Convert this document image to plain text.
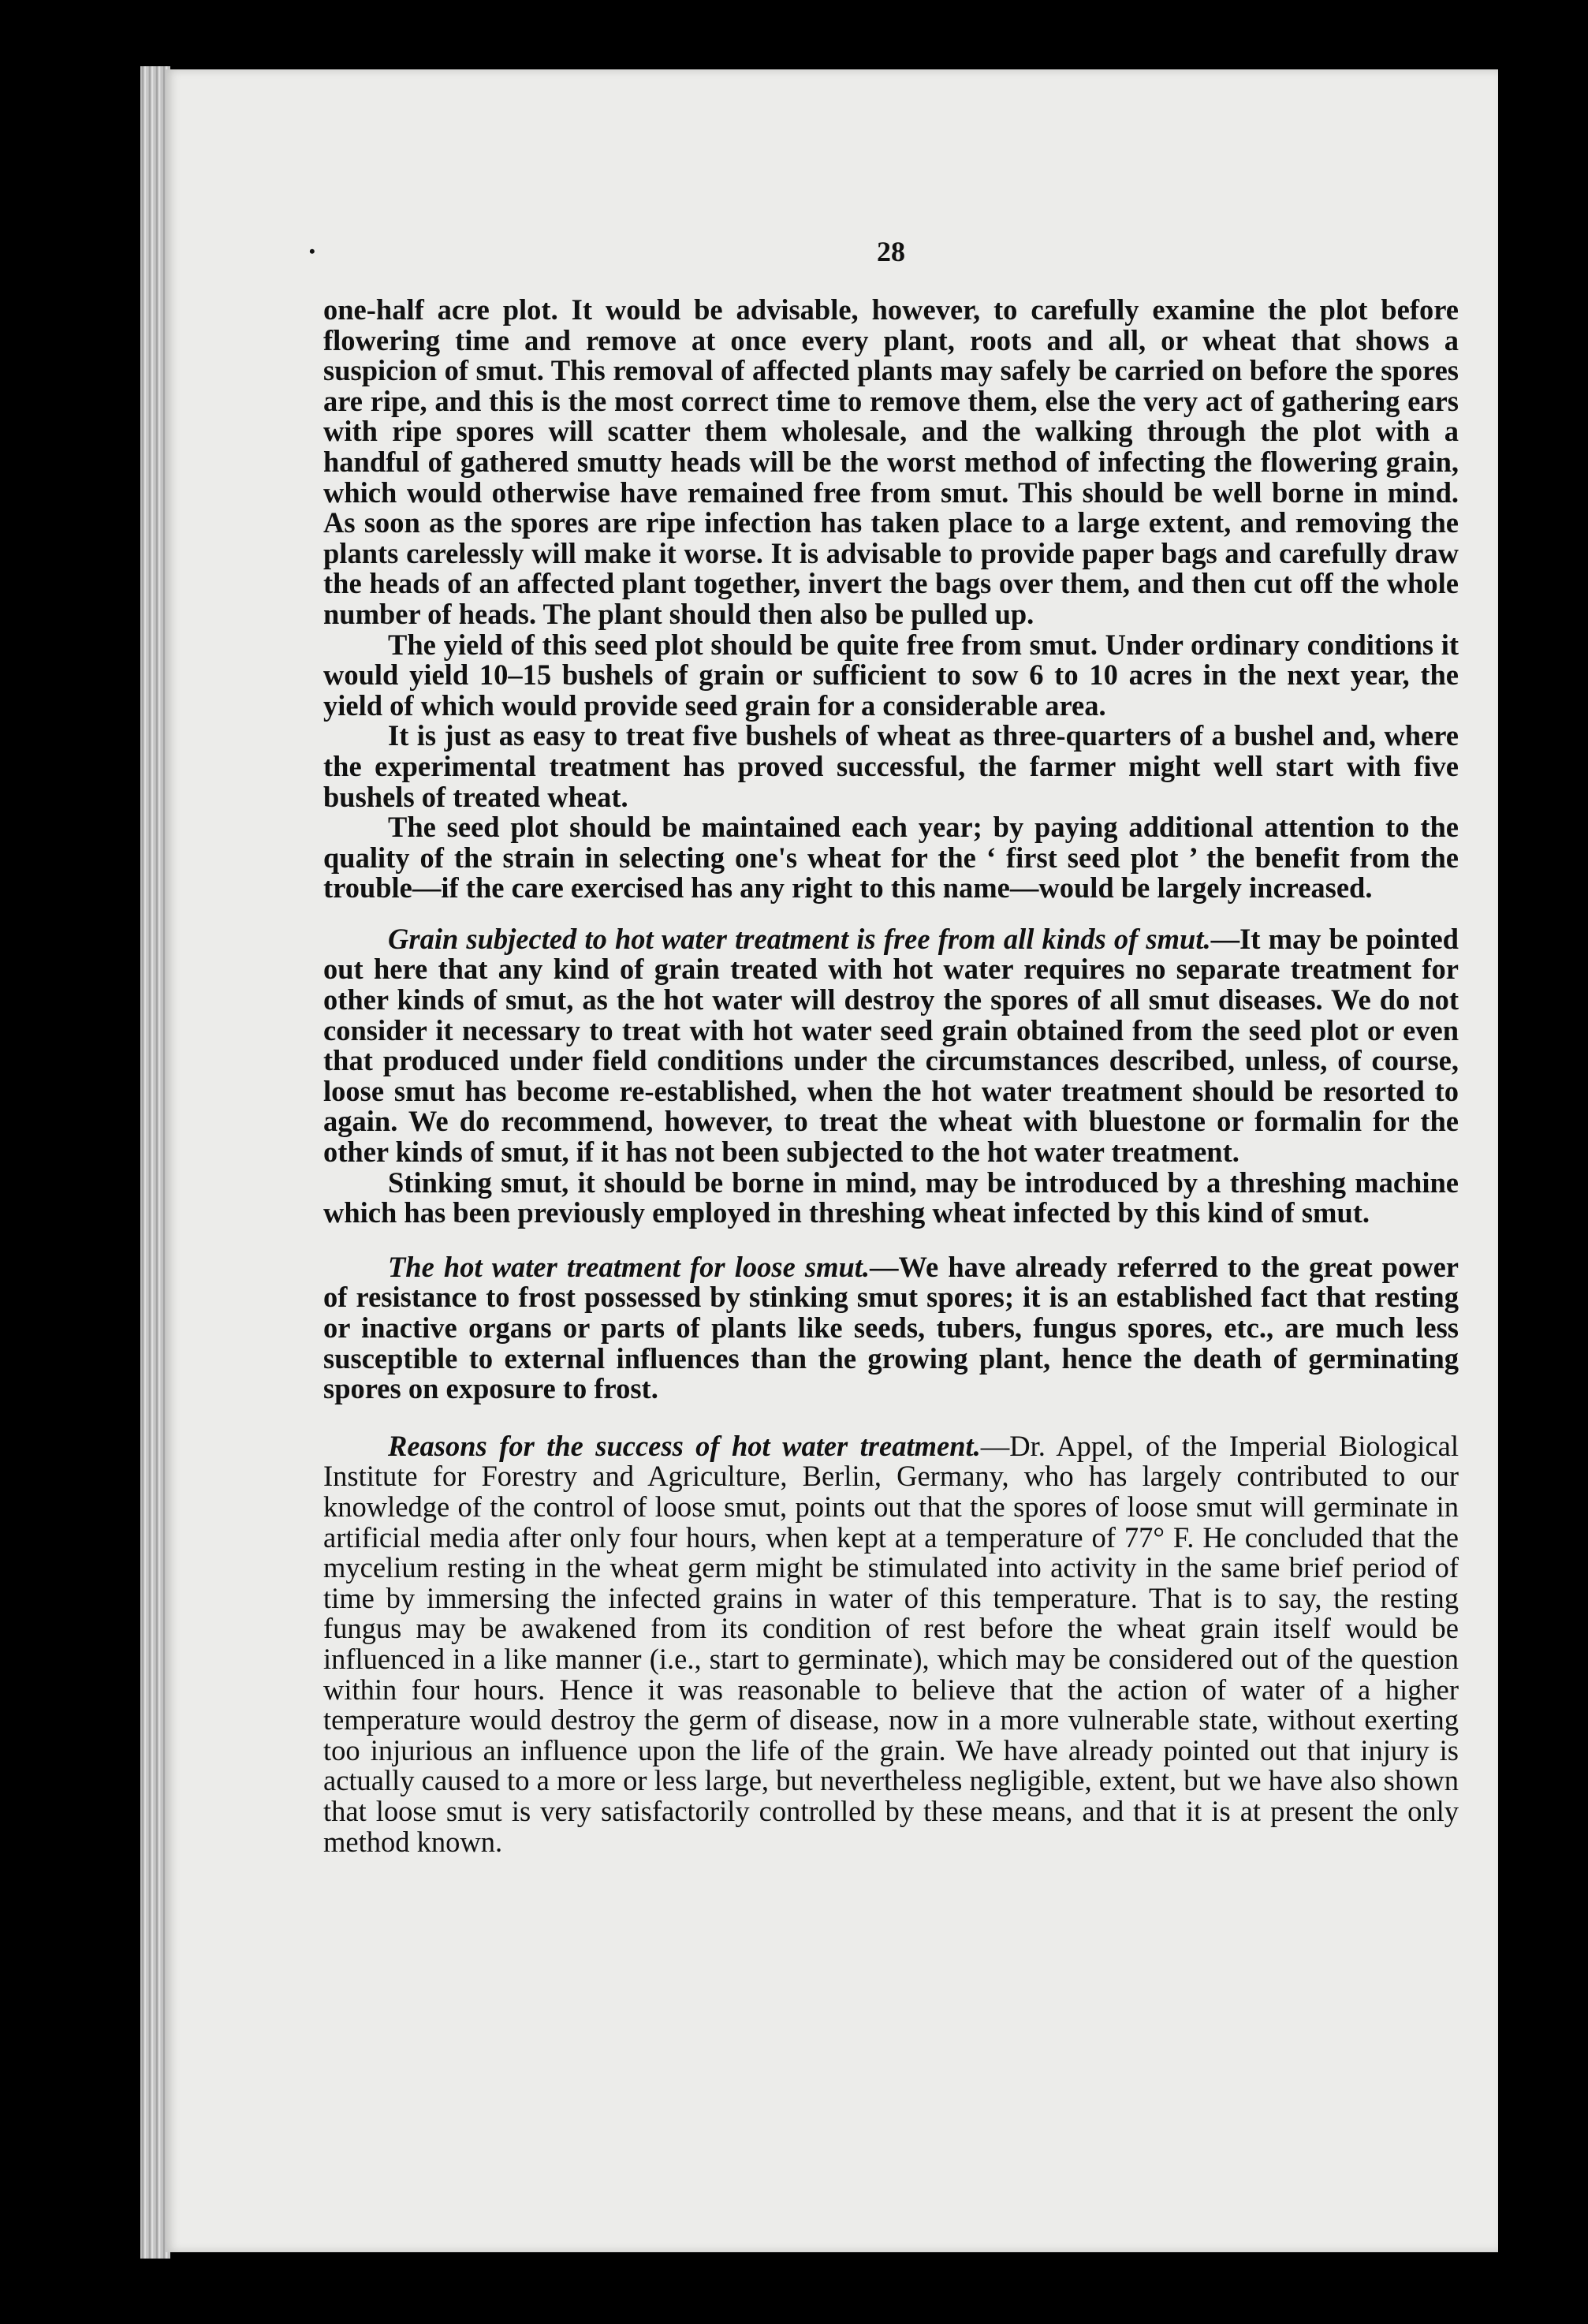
•	28

one-half acre plot. It would be advisable, however, to carefully examine the plot before flowering time and remove at once every plant, roots and all, or wheat that shows a suspicion of smut. This removal of affected plants may safely be carried on before the spores are ripe, and this is the most correct time to remove them, else the very act of gathering ears with ripe spores will scatter them wholesale, and the walking through the plot with a handful of gathered smutty heads will be the worst method of infecting the flowering grain, which would otherwise have remained free from smut. This should be well borne in mind. As soon as the spores are ripe infection has taken place to a large extent, and removing the plants carelessly will make it worse. It is advisable to provide paper bags and carefully draw the heads of an affected plant together, invert the bags over them, and then cut off the whole number of heads. The plant should then also be pulled up.

The yield of this seed plot should be quite free from smut. Under ordinary conditions it would yield 10–15 bushels of grain or sufficient to sow 6 to 10 acres in the next year, the yield of which would provide seed grain for a considerable area.

It is just as easy to treat five bushels of wheat as three-quarters of a bushel and, where the experimental treatment has proved successful, the farmer might well start with five bushels of treated wheat.

The seed plot should be maintained each year; by paying additional attention to the quality of the strain in selecting one's wheat for the ‘ first seed plot ’ the benefit from the trouble—if the care exercised has any right to this name—would be largely increased.

Grain subjected to hot water treatment is free from all kinds of smut.—It may be pointed out here that any kind of grain treated with hot water requires no separate treatment for other kinds of smut, as the hot water will destroy the spores of all smut diseases. We do not consider it necessary to treat with hot water seed grain obtained from the seed plot or even that produced under field conditions under the circumstances described, unless, of course, loose smut has become re-established, when the hot water treatment should be resorted to again. We do recommend, however, to treat the wheat with bluestone or formalin for the other kinds of smut, if it has not been subjected to the hot water treatment.

Stinking smut, it should be borne in mind, may be introduced by a threshing machine which has been previously employed in threshing wheat infected by this kind of smut.

The hot water treatment for loose smut.—We have already referred to the great power of resistance to frost possessed by stinking smut spores; it is an established fact that resting or inactive organs or parts of plants like seeds, tubers, fungus spores, etc., are much less susceptible to external influences than the growing plant, hence the death of germinating spores on exposure to frost.

Reasons for the success of hot water treatment.—Dr. Appel, of the Imperial Biological Institute for Forestry and Agriculture, Berlin, Germany, who has largely contributed to our knowledge of the control of loose smut, points out that the spores of loose smut will germinate in artificial media after only four hours, when kept at a temperature of 77° F. He concluded that the mycelium resting in the wheat germ might be stimulated into activity in the same brief period of time by immersing the infected grains in water of this temperature. That is to say, the resting fungus may be awakened from its condition of rest before the wheat grain itself would be influenced in a like manner (i.e., start to germinate), which may be considered out of the question within four hours. Hence it was reasonable to believe that the action of water of a higher temperature would destroy the germ of disease, now in a more vulnerable state, without exerting too injurious an influence upon the life of the grain. We have already pointed out that injury is actually caused to a more or less large, but nevertheless negligible, extent, but we have also shown that loose smut is very satisfactorily controlled by these means, and that it is at present the only method known.
